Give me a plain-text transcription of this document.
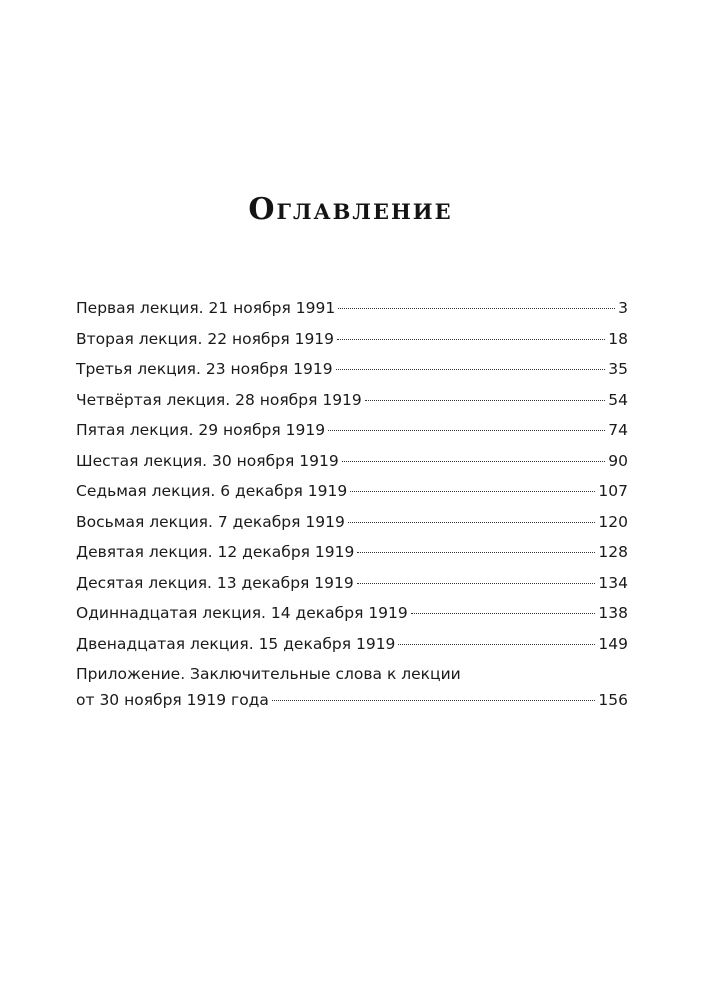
Оглавление
Первая лекция. 21 ноября 1991	3
Вторая лекция. 22 ноября 1919	18
Третья лекция. 23 ноября 1919	35
Четвёртая лекция. 28 ноября 1919	54
Пятая лекция. 29 ноября 1919	74
Шестая лекция. 30 ноября 1919	90
Седьмая лекция. 6 декабря 1919	107
Восьмая лекция. 7 декабря 1919	120
Девятая лекция. 12 декабря 1919	128
Десятая лекция. 13 декабря 1919	134
Одиннадцатая лекция. 14 декабря 1919	138
Двенадцатая лекция. 15 декабря 1919	149
Приложение. Заключительные слова к лекции
от 30 ноября 1919 года	156
